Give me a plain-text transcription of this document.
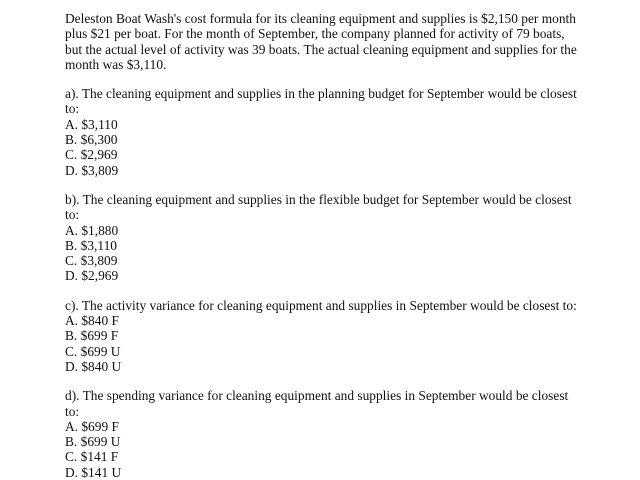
Deleston Boat Wash's cost formula for its cleaning equipment and supplies is $2,150 per month plus $21 per boat. For the month of September, the company planned for activity of 79 boats, but the actual level of activity was 39 boats. The actual cleaning equipment and supplies for the month was $3,110.

a). The cleaning equipment and supplies in the planning budget for September would be closest to:

A. $3,110
B. $6,300
C. $2,969
D. $3,809

b). The cleaning equipment and supplies in the flexible budget for September would be closest to:

A. $1,880
B. $3,110
C. $3,809
D. $2,969

c). The activity variance for cleaning equipment and supplies in September would be closest to:

A. $840 F
B. $699 F
C. $699 U
D. $840 U

d). The spending variance for cleaning equipment and supplies in September would be closest to:

A. $699 F
B. $699 U
C. $141 F
D. $141 U
